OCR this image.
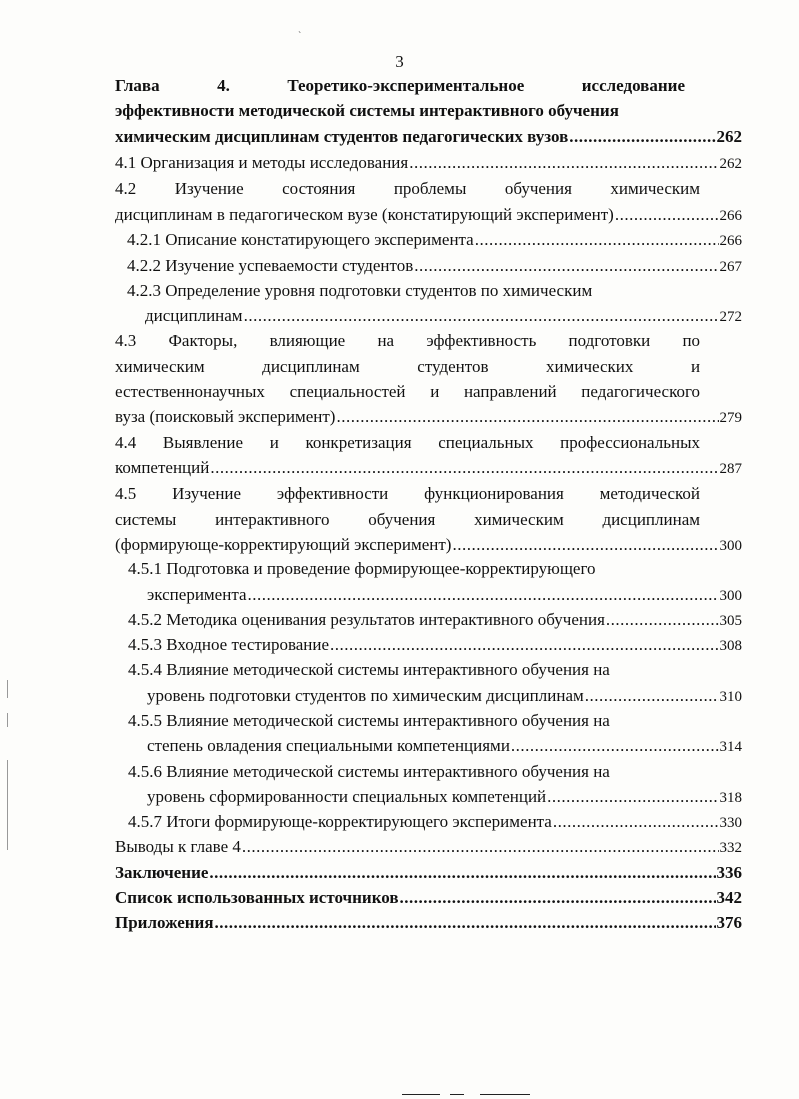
`
3
Глава	4.	Теоретико-экспериментальное	исследование
эффективности методической системы интерактивного обучения
химическим дисциплинам студентов педагогических вузов .....	262
4.1 Организация и методы исследования .....	262
4.2 Изучение состояния проблемы обучения химическим
дисциплинам в педагогическом вузе (констатирующий эксперимент) .....	266
4.2.1 Описание констатирующего эксперимента .....	266
4.2.2 Изучение успеваемости студентов .....	267
4.2.3 Определение уровня подготовки студентов по химическим
дисциплинам .....	272
4.3 Факторы, влияющие на эффективность подготовки по
химическим	дисциплинам	студентов	химических	и
естественнонаучных специальностей и направлений педагогического
вуза (поисковый эксперимент) .....	279
4.4 Выявление и конкретизация специальных профессиональных
компетенций .....	287
4.5 Изучение эффективности функционирования методической
системы интерактивного обучения химическим дисциплинам
(формирующе-корректирующий эксперимент) .....	300
4.5.1 Подготовка и проведение формирующее-корректирующего
эксперимента .....	300
4.5.2 Методика оценивания результатов интерактивного обучения .....	305
4.5.3 Входное тестирование .....	308
4.5.4 Влияние методической системы интерактивного обучения на
уровень подготовки студентов по химическим дисциплинам .....	310
4.5.5 Влияние методической системы интерактивного обучения на
степень овладения специальными компетенциями .....	314
4.5.6 Влияние методической системы интерактивного обучения на
уровень сформированности специальных компетенций .....	318
4.5.7 Итоги формирующе-корректирующего эксперимента .....	330
Выводы к главе 4 .....	332
Заключение .....	336
Список использованных источников .....	342
Приложения .....	376
